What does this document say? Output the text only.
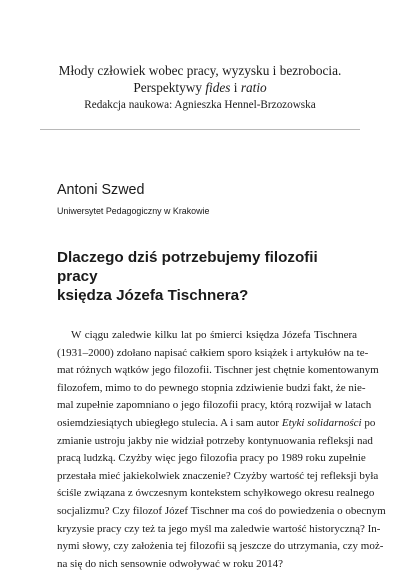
Młody człowiek wobec pracy, wyzysku i bezrobocia.
Perspektywy fides i ratio
Redakcja naukowa: Agnieszka Hennel-Brzozowska
Antoni Szwed
Uniwersytet Pedagogiczny w Krakowie
Dlaczego dziś potrzebujemy filozofii pracy
księdza Józefa Tischnera?
W ciągu zaledwie kilku lat po śmierci księdza Józefa Tischnera
(1931–2000) zdołano napisać całkiem sporo książek i artykułów na te-
mat różnych wątków jego filozofii. Tischner jest chętnie komentowanym
filozofem, mimo to do pewnego stopnia zdziwienie budzi fakt, że nie-
mal zupełnie zapomniano o jego filozofii pracy, którą rozwijał w latach
osiemdziesiątych ubiegłego stulecia. A i sam autor Etyki solidarności po
zmianie ustroju jakby nie widział potrzeby kontynuowania refleksji nad
pracą ludzką. Czyżby więc jego filozofia pracy po 1989 roku zupełnie
przestała mieć jakiekolwiek znaczenie? Czyżby wartość tej refleksji była
ściśle związana z ówczesnym kontekstem schyłkowego okresu realnego
socjalizmu? Czy filozof Józef Tischner ma coś do powiedzenia o obecnym
kryzysie pracy czy też ta jego myśl ma zaledwie wartość historyczną? In-
nymi słowy, czy założenia tej filozofii są jeszcze do utrzymania, czy moż-
na się do nich sensownie odwoływać w roku 2014?
